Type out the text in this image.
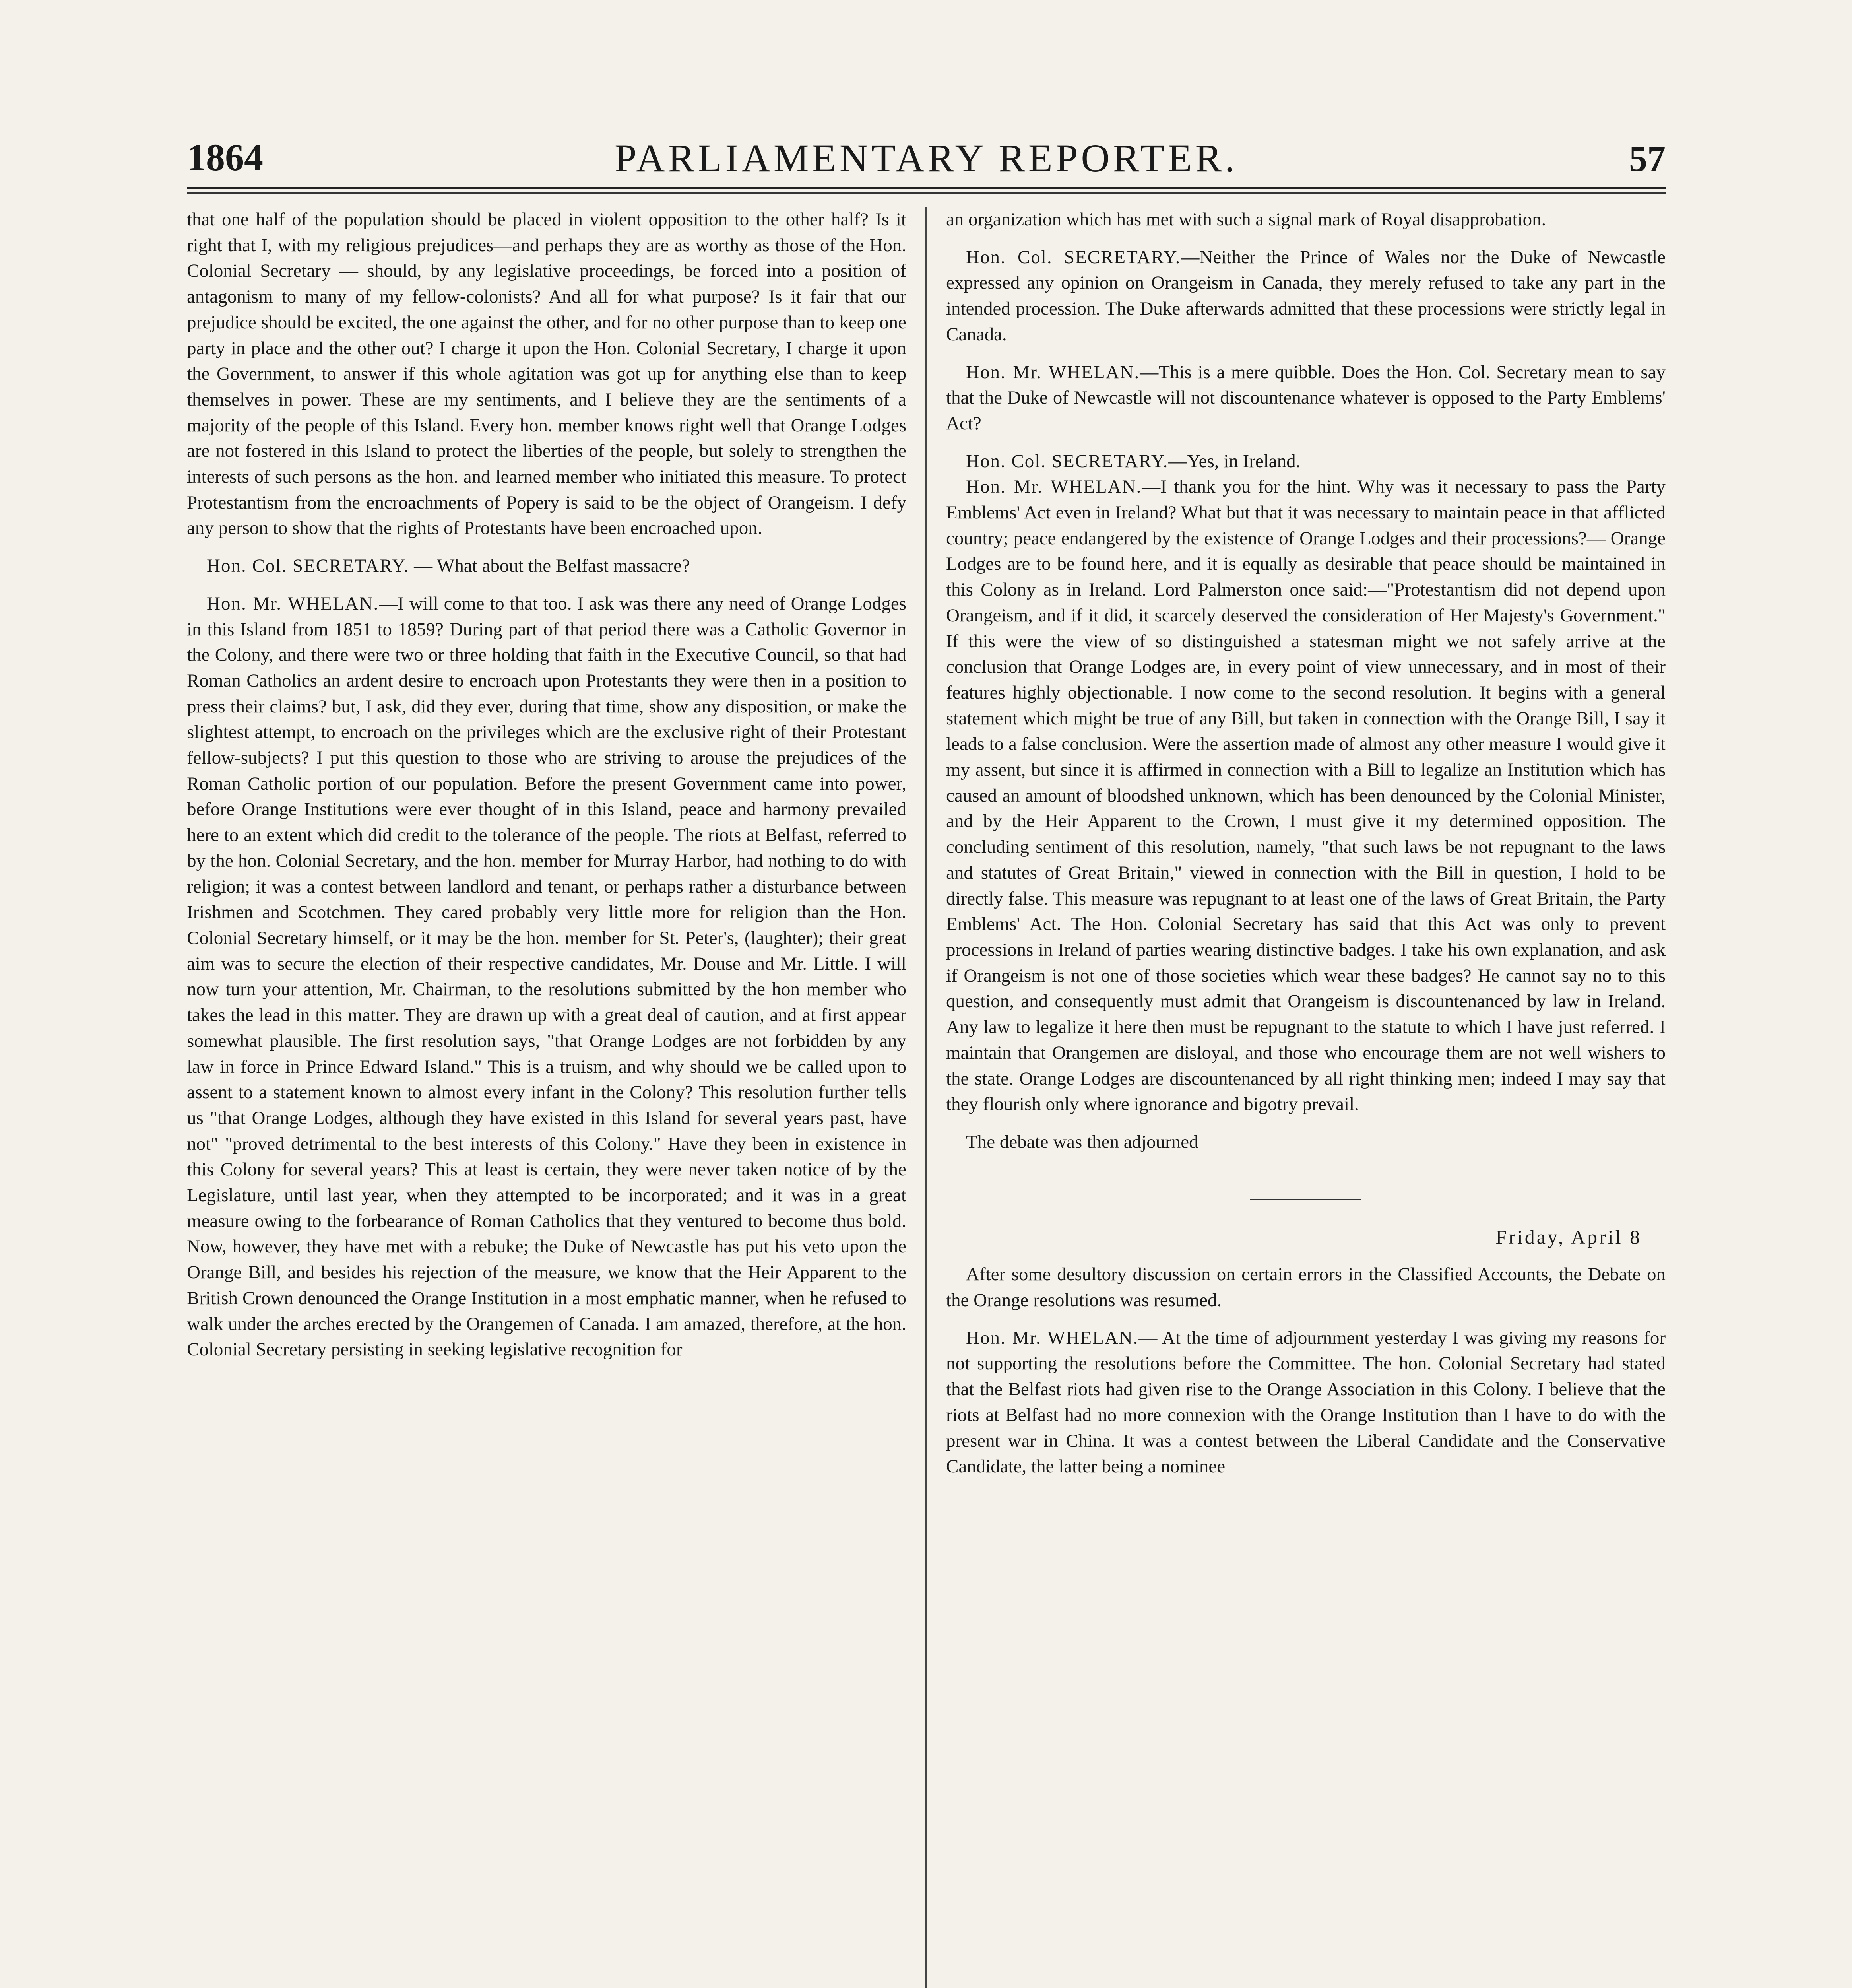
PARLIAMENTARY REPORTER.
1864	57

that one half of the population should be placed in violent opposition to the other half? Is it right that I, with my religious prejudices—and perhaps they are as worthy as those of the Hon. Colonial Secretary — should, by any legislative proceedings, be forced into a position of antagonism to many of my fellow-colonists? And all for what purpose? Is it fair that our prejudice should be excited, the one against the other, and for no other purpose than to keep one party in place and the other out? I charge it upon the Hon. Colonial Secretary, I charge it upon the Government, to answer if this whole agitation was got up for anything else than to keep themselves in power. These are my sentiments, and I believe they are the sentiments of a majority of the people of this Island. Every hon. member knows right well that Orange Lodges are not fostered in this Island to protect the liberties of the people, but solely to strengthen the interests of such persons as the hon. and learned member who initiated this measure. To protect Protestantism from the encroachments of Popery is said to be the object of Orangeism. I defy any person to show that the rights of Protestants have been encroached upon.

Hon. Col. SECRETARY. — What about the Belfast massacre?

Hon. Mr. WHELAN.—I will come to that too. I ask was there any need of Orange Lodges in this Island from 1851 to 1859? During part of that period there was a Catholic Governor in the Colony, and there were two or three holding that faith in the Executive Council, so that had Roman Catholics an ardent desire to encroach upon Protestants they were then in a position to press their claims? but, I ask, did they ever, during that time, show any disposition, or make the slightest attempt, to encroach on the privileges which are the exclusive right of their Protestant fellow-subjects? I put this question to those who are striving to arouse the prejudices of the Roman Catholic portion of our population. Before the present Government came into power, before Orange Institutions were ever thought of in this Island, peace and harmony prevailed here to an extent which did credit to the tolerance of the people. The riots at Belfast, referred to by the hon. Colonial Secretary, and the hon. member for Murray Harbor, had nothing to do with religion; it was a contest between landlord and tenant, or perhaps rather a disturbance between Irishmen and Scotchmen. They cared probably very little more for religion than the Hon. Colonial Secretary himself, or it may be the hon. member for St. Peter's, (laughter); their great aim was to secure the election of their respective candidates, Mr. Douse and Mr. Little. I will now turn your attention, Mr. Chairman, to the resolutions submitted by the hon member who takes the lead in this matter. They are drawn up with a great deal of caution, and at first appear somewhat plausible. The first resolution says, "that Orange Lodges are not forbidden by any law in force in Prince Edward Island." This is a truism, and why should we be called upon to assent to a statement known to almost every infant in the Colony? This resolution further tells us "that Orange Lodges, although they have existed in this Island for several years past, have not" "proved detrimental to the best interests of this Colony." Have they been in existence in this Colony for several years? This at least is certain, they were never taken notice of by the Legislature, until last year, when they attempted to be incorporated; and it was in a great measure owing to the forbearance of Roman Catholics that they ventured to become thus bold. Now, however, they have met with a rebuke; the Duke of Newcastle has put his veto upon the Orange Bill, and besides his rejection of the measure, we know that the Heir Apparent to the British Crown denounced the Orange Institution in a most emphatic manner, when he refused to walk under the arches erected by the Orangemen of Canada. I am amazed, therefore, at the hon. Colonial Secretary persisting in seeking legislative recognition for

an organization which has met with such a signal mark of Royal disapprobation.

Hon. Col. SECRETARY.—Neither the Prince of Wales nor the Duke of Newcastle expressed any opinion on Orangeism in Canada, they merely refused to take any part in the intended procession. The Duke afterwards admitted that these processions were strictly legal in Canada.

Hon. Mr. WHELAN.—This is a mere quibble. Does the Hon. Col. Secretary mean to say that the Duke of Newcastle will not discountenance whatever is opposed to the Party Emblems' Act?

Hon. Col. SECRETARY.—Yes, in Ireland.

Hon. Mr. WHELAN.—I thank you for the hint. Why was it necessary to pass the Party Emblems' Act even in Ireland? What but that it was necessary to maintain peace in that afflicted country; peace endangered by the existence of Orange Lodges and their processions?— Orange Lodges are to be found here, and it is equally as desirable that peace should be maintained in this Colony as in Ireland. Lord Palmerston once said:—"Protestantism did not depend upon Orangeism, and if it did, it scarcely deserved the consideration of Her Majesty's Government." If this were the view of so distinguished a statesman might we not safely arrive at the conclusion that Orange Lodges are, in every point of view unnecessary, and in most of their features highly objectionable. I now come to the second resolution. It begins with a general statement which might be true of any Bill, but taken in connection with the Orange Bill, I say it leads to a false conclusion. Were the assertion made of almost any other measure I would give it my assent, but since it is affirmed in connection with a Bill to legalize an Institution which has caused an amount of bloodshed unknown, which has been denounced by the Colonial Minister, and by the Heir Apparent to the Crown, I must give it my determined opposition. The concluding sentiment of this resolution, namely, "that such laws be not repugnant to the laws and statutes of Great Britain," viewed in connection with the Bill in question, I hold to be directly false. This measure was repugnant to at least one of the laws of Great Britain, the Party Emblems' Act. The Hon. Colonial Secretary has said that this Act was only to prevent processions in Ireland of parties wearing distinctive badges. I take his own explanation, and ask if Orangeism is not one of those societies which wear these badges? He cannot say no to this question, and consequently must admit that Orangeism is discountenanced by law in Ireland. Any law to legalize it here then must be repugnant to the statute to which I have just referred. I maintain that Orangemen are disloyal, and those who encourage them are not well wishers to the state. Orange Lodges are discountenanced by all right thinking men; indeed I may say that they flourish only where ignorance and bigotry prevail.

The debate was then adjourned

Friday, April 8

After some desultory discussion on certain errors in the Classified Accounts, the Debate on the Orange resolutions was resumed.

Hon. Mr. WHELAN.— At the time of adjournment yesterday I was giving my reasons for not supporting the resolutions before the Committee. The hon. Colonial Secretary had stated that the Belfast riots had given rise to the Orange Association in this Colony. I believe that the riots at Belfast had no more connexion with the Orange Institution than I have to do with the present war in China. It was a contest between the Liberal Candidate and the Conservative Candidate, the latter being a nominee
